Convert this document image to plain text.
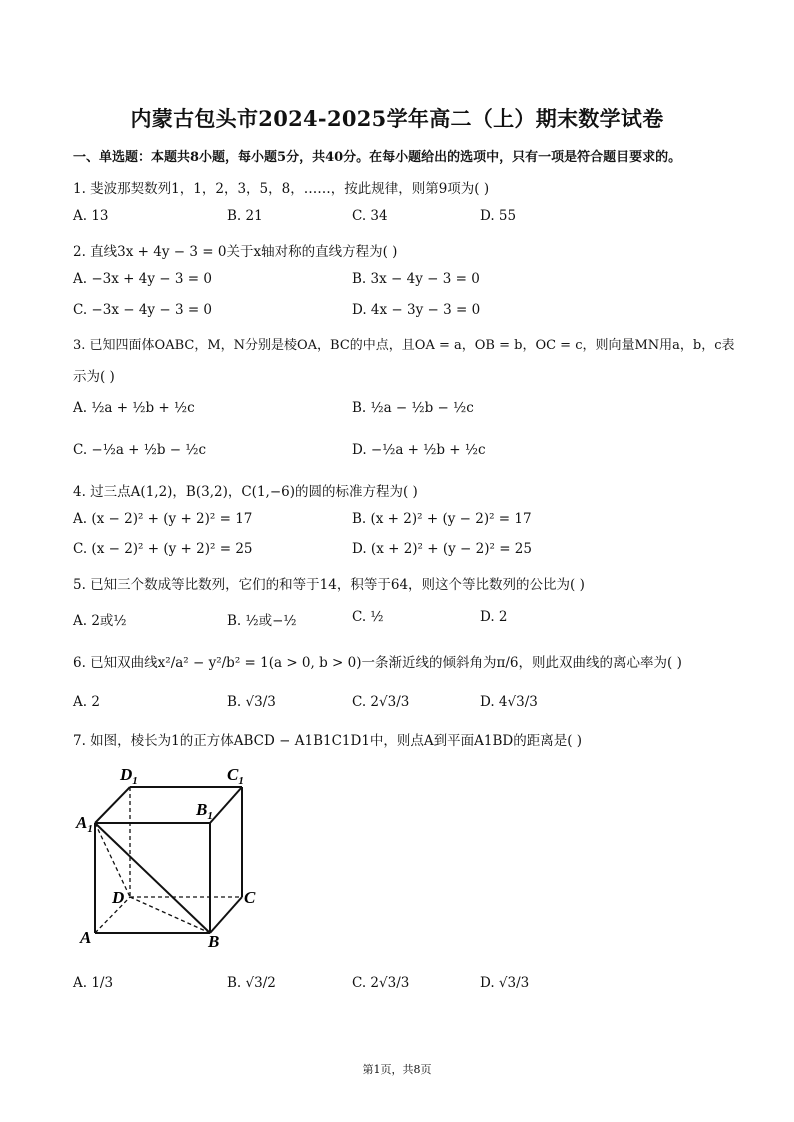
内蒙古包头市2024-2025学年高二（上）期末数学试卷
一、单选题：本题共8小题，每小题5分，共40分。在每小题给出的选项中，只有一项是符合题目要求的。
1. 斐波那契数列1，1，2，3，5，8，……，按此规律，则第9项为( )
A. 13	B. 21	C. 34	D. 55
2. 直线3x + 4y − 3 = 0关于x轴对称的直线方程为( )
A. −3x + 4y − 3 = 0	B. 3x − 4y − 3 = 0
C. −3x − 4y − 3 = 0	D. 4x − 3y − 3 = 0
3. 已知四面体OABC，M，N分别是棱OA，BC的中点，且OA = a，OB = b，OC = c，则向量MN用a，b，c表
示为( )
A. ½a + ½b + ½c	B. ½a − ½b − ½c
C. −½a + ½b − ½c	D. −½a + ½b + ½c
4. 过三点A(1,2)，B(3,2)，C(1,−6)的圆的标准方程为( )
A. (x − 2)² + (y + 2)² = 17	B. (x + 2)² + (y − 2)² = 17
C. (x − 2)² + (y + 2)² = 25	D. (x + 2)² + (y − 2)² = 25
5. 已知三个数成等比数列，它们的和等于14，积等于64，则这个等比数列的公比为( )
A. 2或½	B. ½或−½	C. ½	D. 2
6. 已知双曲线x²/a² − y²/b² = 1(a > 0, b > 0)一条渐近线的倾斜角为π/6，则此双曲线的离心率为( )
A. 2	B. √3/3	C. 2√3/3	D. 4√3/3
7. 如图，棱长为1的正方体ABCD − A1B1C1D1中，则点A到平面A1BD的距离是( )
$D_1$	$C_1$
$B_1$
$A_1$
D	C
A	B
A. 1/3	B. √3/2	C. 2√3/3	D. √3/3
第1页，共8页
